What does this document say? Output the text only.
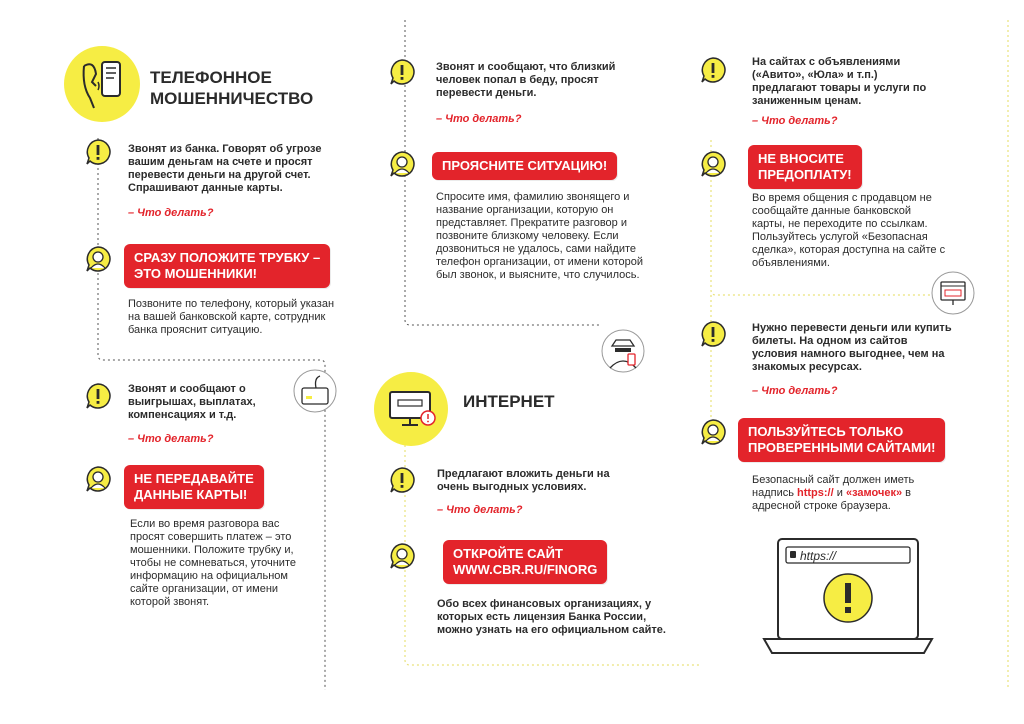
ТЕЛЕФОННОЕ
МОШЕННИЧЕСТВО
Звонят из банка. Говорят об угрозе вашим деньгам на счете и просят перевести деньги на другой счет. Спрашивают данные карты.
– Что делать?
СРАЗУ ПОЛОЖИТЕ ТРУБКУ –
ЭТО МОШЕННИКИ!
Позвоните по телефону, который указан на вашей банковской карте, сотрудник банка прояснит ситуацию.
Звонят и сообщают о выигрышах, выплатах, компенсациях и т.д.
– Что делать?
НЕ ПЕРЕДАВАЙТЕ
ДАННЫЕ КАРТЫ!
Если во время разговора вас просят совершить платеж – это мошенники. Положите трубку и, чтобы не сомневаться, уточните информацию на официальном сайте организации, от имени которой звонят.
Звонят и сообщают, что близкий человек попал в беду, просят перевести деньги.
– Что делать?
ПРОЯСНИТЕ СИТУАЦИЮ!
Спросите имя, фамилию звонящего и название организации, которую он представляет. Прекратите разговор и позвоните близкому человеку. Если дозвониться не удалось, сами найдите телефон организации, от имени которой был звонок, и выясните, что случилось.
ИНТЕРНЕТ
Предлагают вложить деньги на очень выгодных условиях.
– Что делать?
ОТКРОЙТЕ САЙТ
WWW.CBR.RU/FINORG
Обо всех финансовых организациях, у которых есть лицензия Банка России, можно узнать на его официальном сайте.
На сайтах с объявлениями («Авито», «Юла» и т.п.) предлагают товары и услуги по заниженным ценам.
– Что делать?
НЕ ВНОСИТЕ
ПРЕДОПЛАТУ!
Во время общения с продавцом не сообщайте данные банковской карты, не переходите по ссылкам. Пользуйтесь услугой «Безопасная сделка», которая доступна на сайте с объявлениями.
Нужно перевести деньги или купить билеты. На одном из сайтов условия намного выгоднее, чем на знакомых ресурсах.
– Что делать?
ПОЛЬЗУЙТЕСЬ ТОЛЬКО
ПРОВЕРЕННЫМИ САЙТАМИ!
Безопасный сайт должен иметь надпись https:// и «замочек» в адресной строке браузера.
https://
